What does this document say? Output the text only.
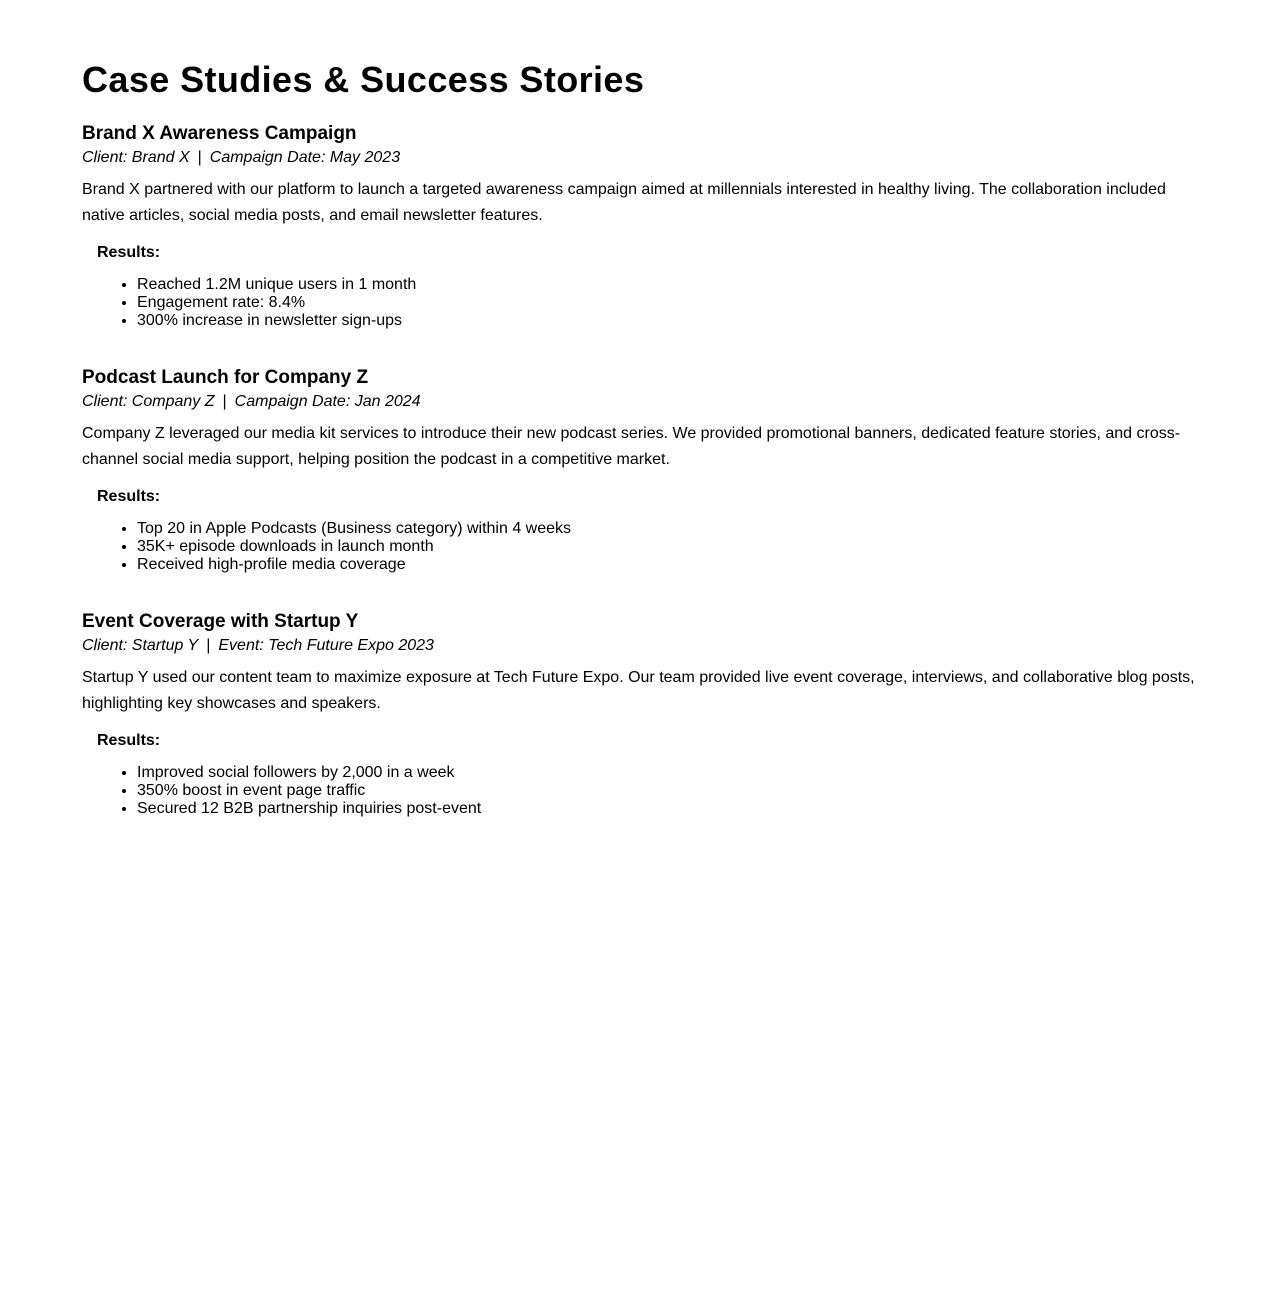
Case Studies & Success Stories
Brand X Awareness Campaign

Client: Brand X | Campaign Date: May 2023

Brand X partnered with our platform to launch a targeted awareness campaign aimed at millennials interested in healthy living. The collaboration included native articles, social media posts, and email newsletter features.

Results:
• Reached 1.2M unique users in 1 month
• Engagement rate: 8.4%
• 300% increase in newsletter sign-ups
Podcast Launch for Company Z

Client: Company Z | Campaign Date: Jan 2024

Company Z leveraged our media kit services to introduce their new podcast series. We provided promotional banners, dedicated feature stories, and cross-channel social media support, helping position the podcast in a competitive market.

Results:
• Top 20 in Apple Podcasts (Business category) within 4 weeks
• 35K+ episode downloads in launch month
• Received high-profile media coverage
Event Coverage with Startup Y

Client: Startup Y | Event: Tech Future Expo 2023

Startup Y used our content team to maximize exposure at Tech Future Expo. Our team provided live event coverage, interviews, and collaborative blog posts, highlighting key showcases and speakers.

Results:
• Improved social followers by 2,000 in a week
• 350% boost in event page traffic
• Secured 12 B2B partnership inquiries post-event
